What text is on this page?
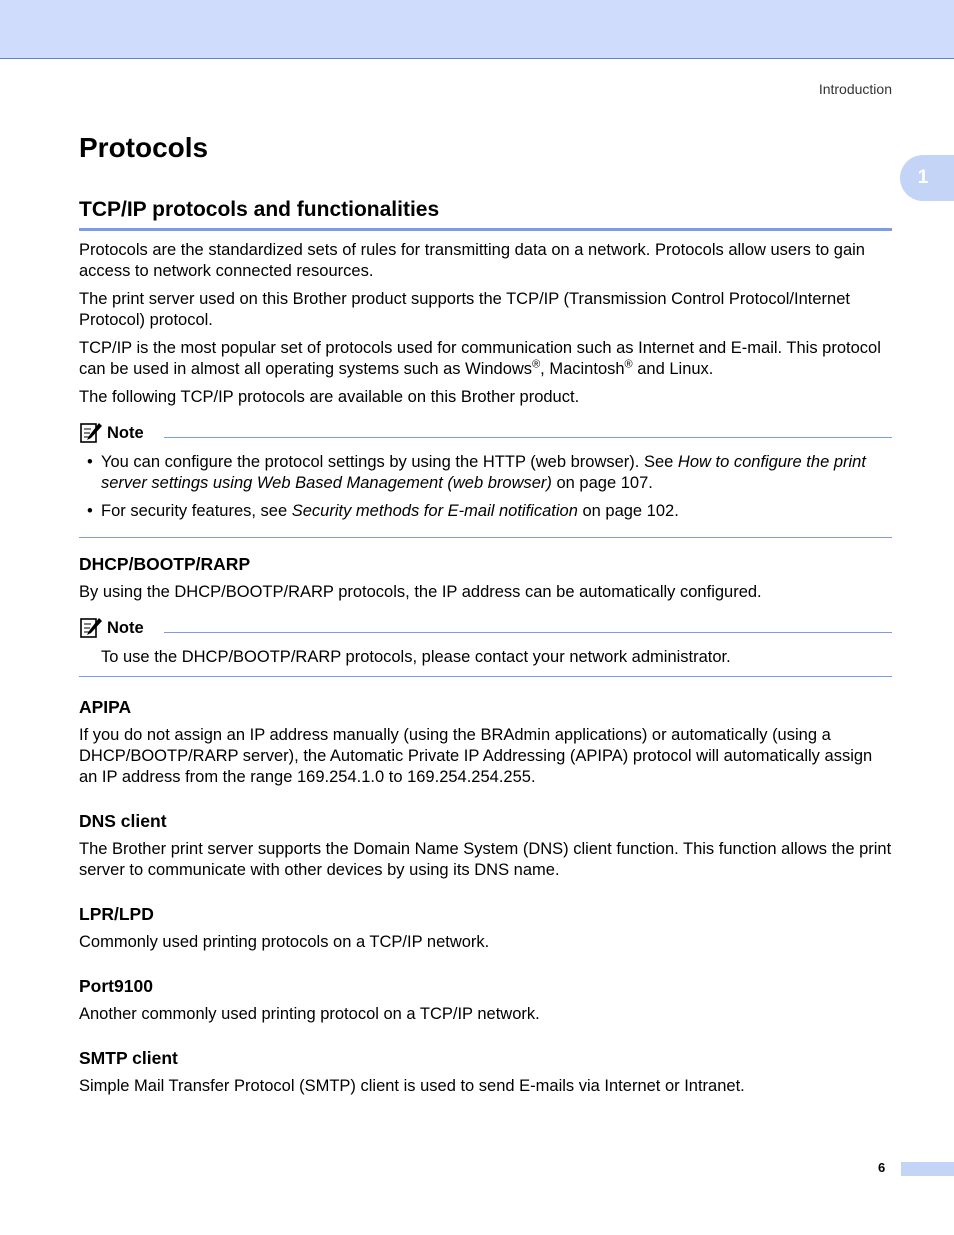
Introduction
1
Protocols
TCP/IP protocols and functionalities

Protocols are the standardized sets of rules for transmitting data on a network. Protocols allow users to gain access to network connected resources.

The print server used on this Brother product supports the TCP/IP (Transmission Control Protocol/Internet Protocol) protocol.

TCP/IP is the most popular set of protocols used for communication such as Internet and E-mail. This protocol can be used in almost all operating systems such as Windows®, Macintosh® and Linux.

The following TCP/IP protocols are available on this Brother product.

Note
• You can configure the protocol settings by using the HTTP (web browser). See How to configure the print server settings using Web Based Management (web browser) on page 107.
• For security features, see Security methods for E-mail notification on page 102.
DHCP/BOOTP/RARP

By using the DHCP/BOOTP/RARP protocols, the IP address can be automatically configured.

Note
To use the DHCP/BOOTP/RARP protocols, please contact your network administrator.
APIPA

If you do not assign an IP address manually (using the BRAdmin applications) or automatically (using a DHCP/BOOTP/RARP server), the Automatic Private IP Addressing (APIPA) protocol will automatically assign an IP address from the range 169.254.1.0 to 169.254.254.255.

DNS client

The Brother print server supports the Domain Name System (DNS) client function. This function allows the print server to communicate with other devices by using its DNS name.

LPR/LPD

Commonly used printing protocols on a TCP/IP network.

Port9100

Another commonly used printing protocol on a TCP/IP network.

SMTP client

Simple Mail Transfer Protocol (SMTP) client is used to send E-mails via Internet or Intranet.

6
